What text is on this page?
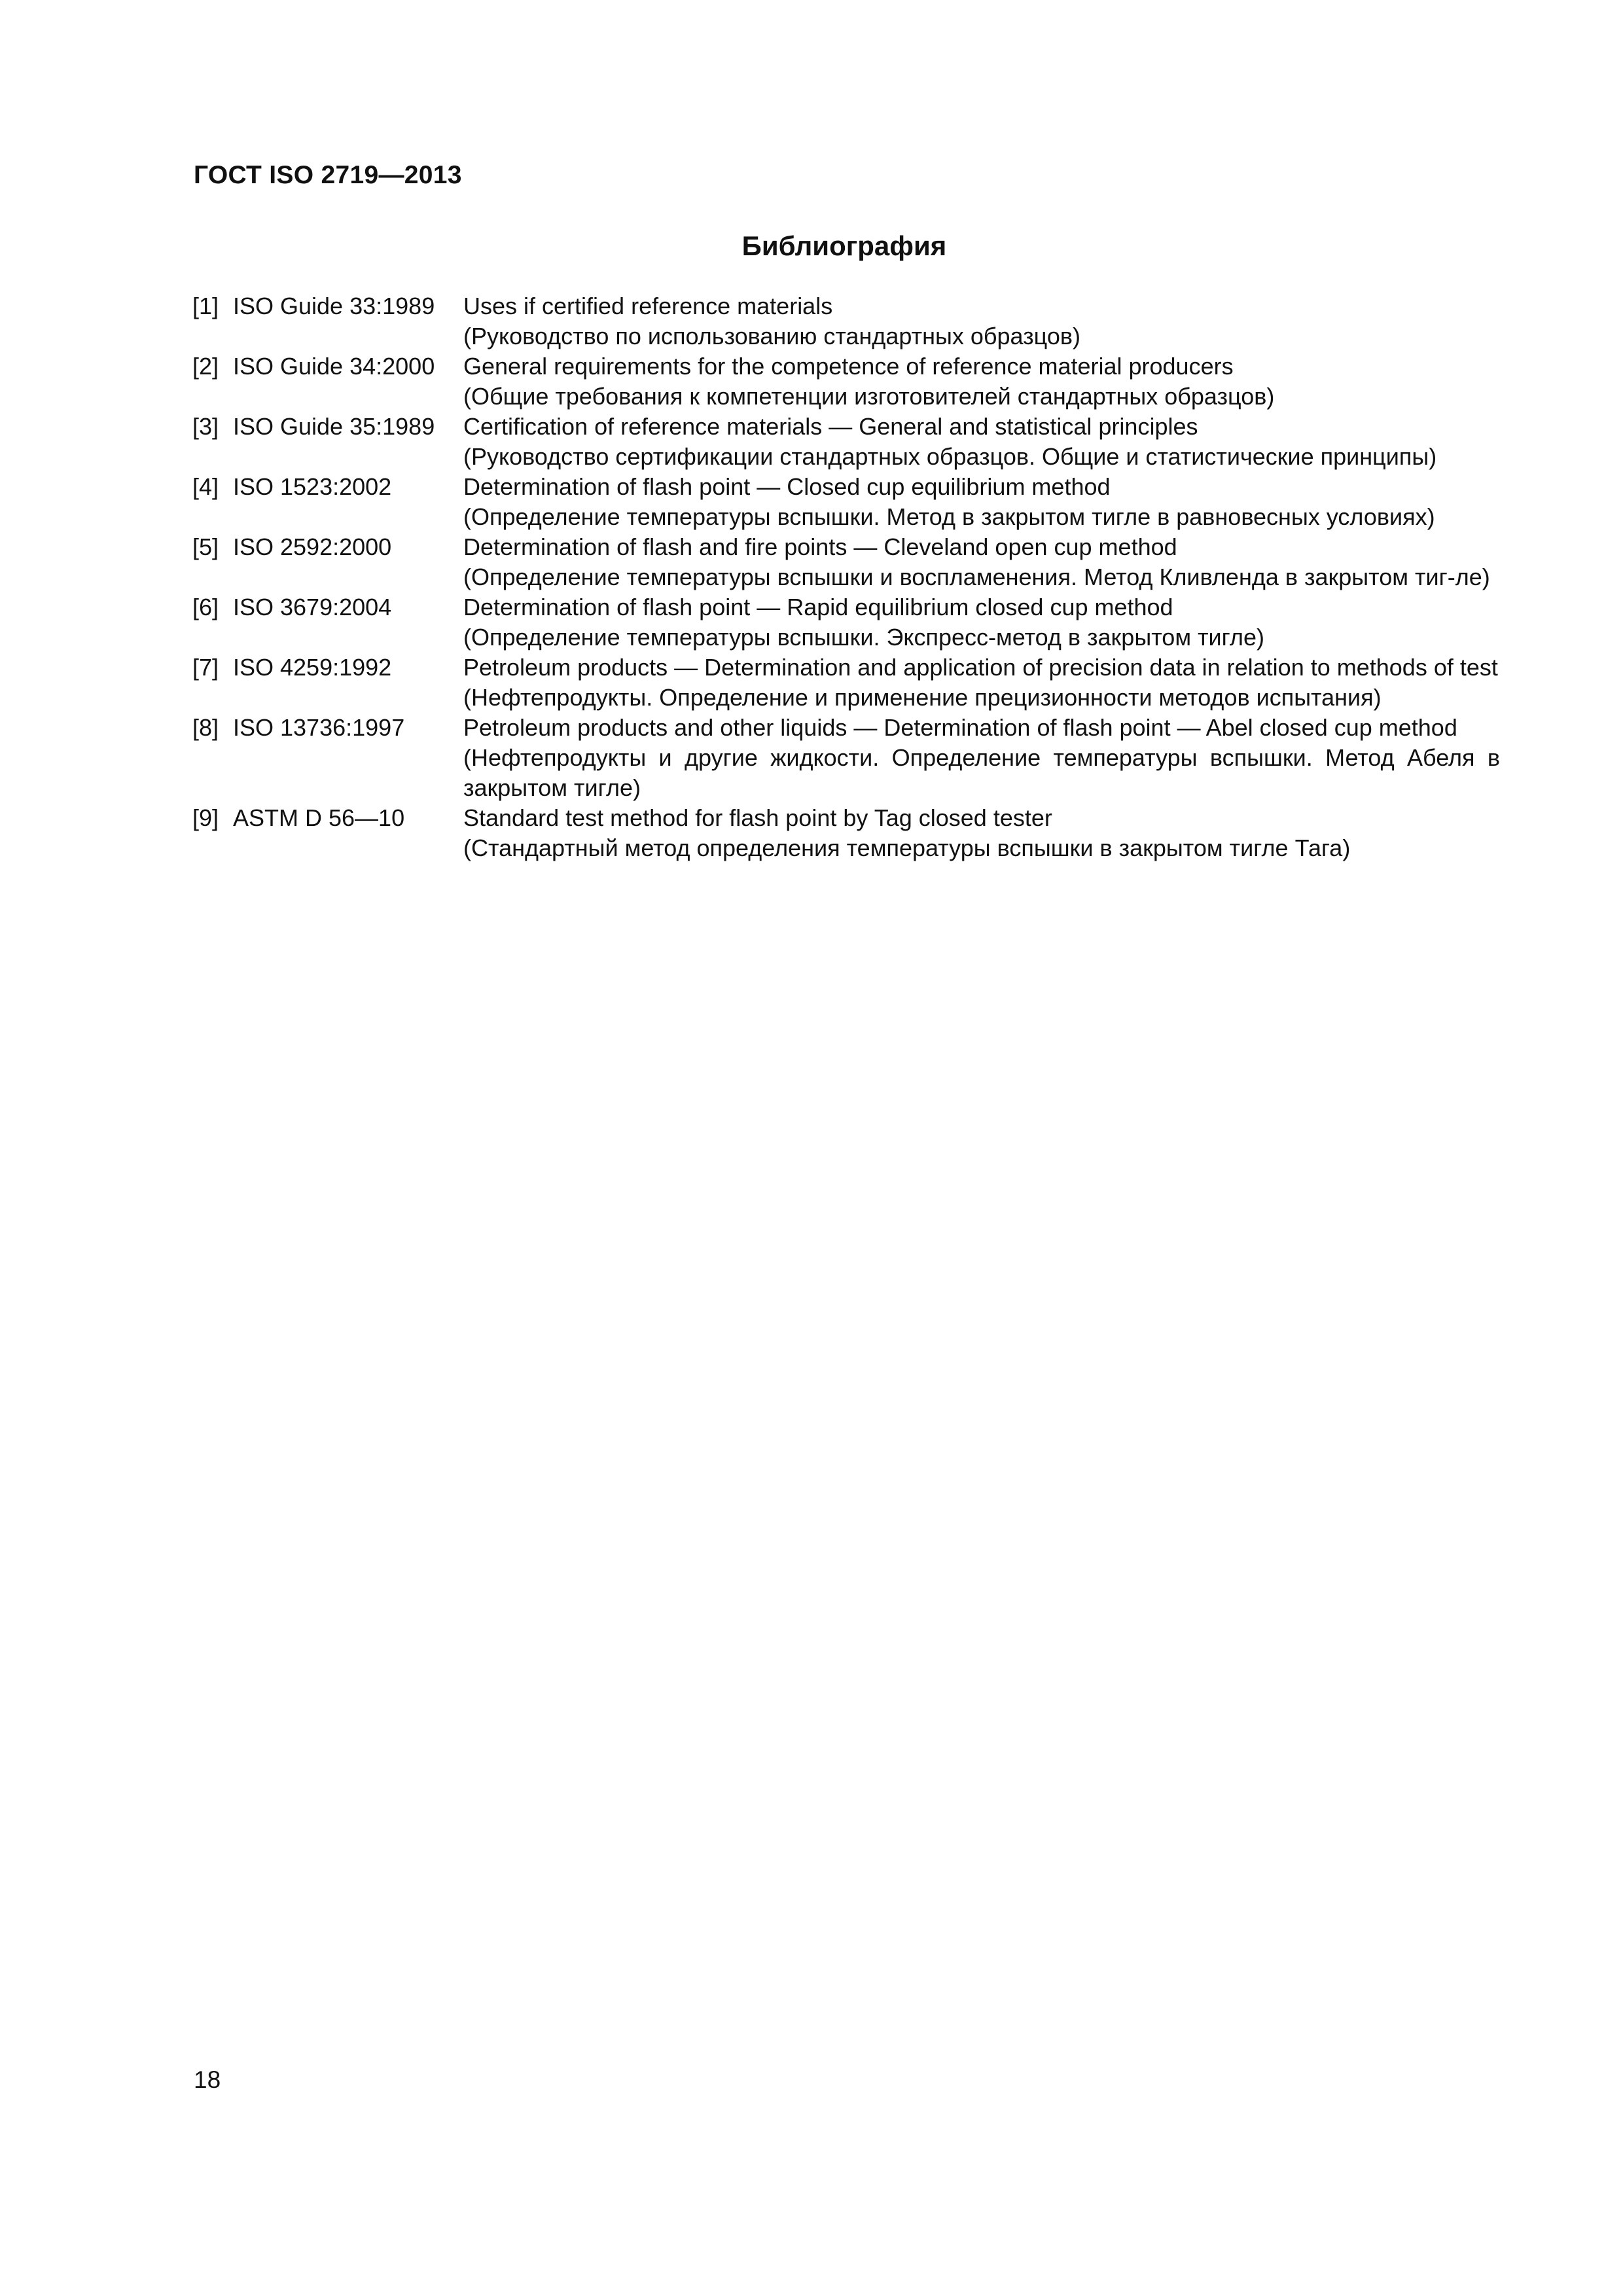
ГОСТ ISO 2719—2013
Библиография
[1] ISO Guide 33:1989	Uses if certified reference materials
(Руководство по использованию стандартных образцов)
[2] ISO Guide 34:2000	General requirements for the competence of reference material producers
(Общие требования к компетенции изготовителей стандартных образцов)
[3] ISO Guide 35:1989	Certification of reference materials — General and statistical principles
(Руководство сертификации стандартных образцов. Общие и статистические принципы)
[4] ISO 1523:2002	Determination of flash point — Closed cup equilibrium method
(Определение температуры вспышки. Метод в закрытом тигле в равновесных условиях)
[5] ISO 2592:2000	Determination of flash and fire points — Cleveland open cup method
(Определение температуры вспышки и воспламенения. Метод Кливленда в закрытом тиг-ле)
[6] ISO 3679:2004	Determination of flash point — Rapid equilibrium closed cup method
(Определение температуры вспышки. Экспресс-метод в закрытом тигле)
[7] ISO 4259:1992	Petroleum products — Determination and application of precision data in relation to methods of test
(Нефтепродукты. Определение и применение прецизионности методов испытания)
[8] ISO 13736:1997	Petroleum products and other liquids — Determination of flash point — Abel closed cup method
(Нефтепродукты и другие жидкости. Определение температуры вспышки. Метод Абеля в закрытом тигле)
[9] ASTM D 56—10	Standard test method for flash point by Tag closed tester
(Стандартный метод определения температуры вспышки в закрытом тигле Тага)
18
